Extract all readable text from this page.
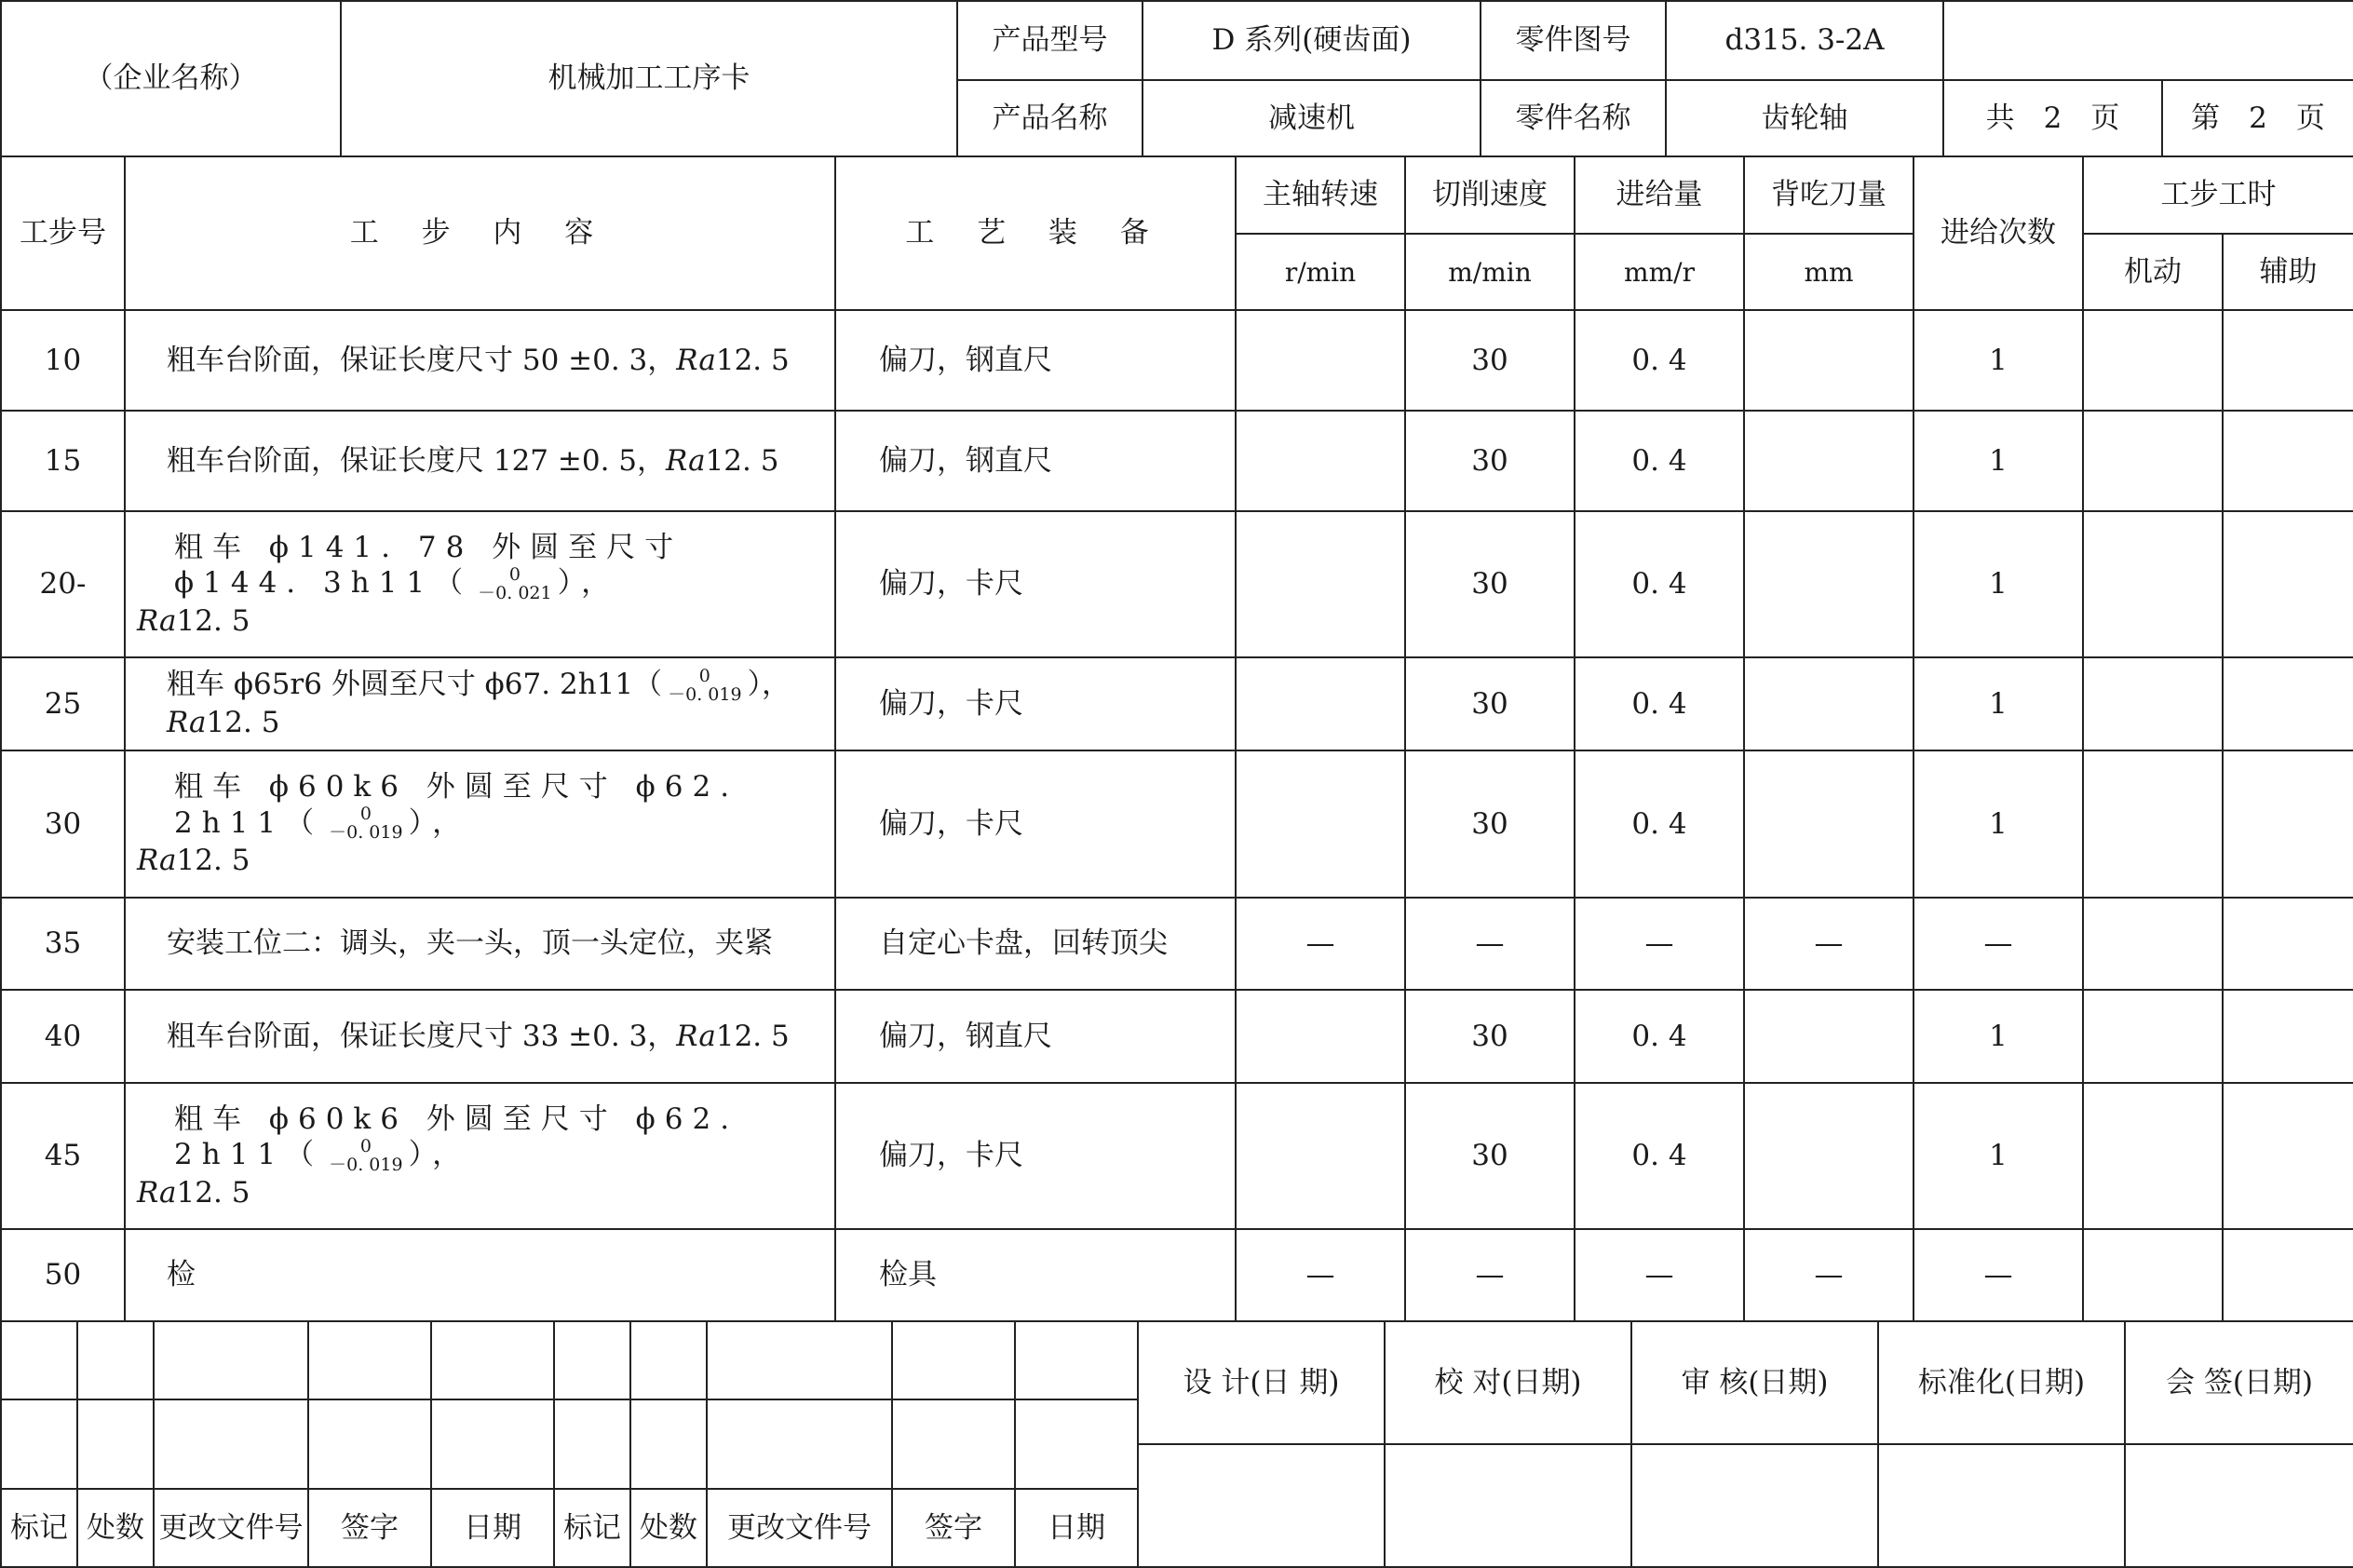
（企业名称）	机械加工工序卡	产品型号	D 系列(硬齿面)	零件图号	d315. 3-2A		
		产品名称	减速机	零件名称	齿轮轴	共　2　页	第　2　页
工步号	工 步 内 容	工 艺 装 备	主轴转速	切削速度	进给量	背吃刀量	进给次数	工步工时	
			r/min	m/min	mm/r	mm		机动	辅助
10	粗车台阶面，保证长度尺寸 50 ±0. 3，Ra12. 5	偏刀，钢直尺		30	0. 4		1		
15	粗车台阶面，保证长度尺 127 ±0. 5，Ra12. 5	偏刀，钢直尺		30	0. 4		1		
20-	粗车 ϕ141. 78 外圆至尺寸 ϕ144. 3h11（ 0
－0. 021 ），
Ra12. 5	偏刀，卡尺		30	0. 4		1		
25	粗车 ϕ65r6 外圆至尺寸 ϕ67. 2h11（ 0
－0. 019 ），Ra12. 5	偏刀，卡尺		30	0. 4		1		
30	粗车 ϕ60k6 外圆至尺寸 ϕ62. 2h11（ 0
－0. 019 ），
Ra12. 5	偏刀，卡尺		30	0. 4		1		
35	安装工位二：调头，夹一头，顶一头定位，夹紧	自定心卡盘，回转顶尖	—	—	—	—	—		
40	粗车台阶面，保证长度尺寸 33 ±0. 3，Ra12. 5	偏刀，钢直尺		30	0. 4		1		
45	粗车 ϕ60k6 外圆至尺寸 ϕ62. 2h11（ 0
－0. 019 ），
Ra12. 5	偏刀，卡尺		30	0. 4		1		
50	检	检具	—	—	—	—	—		
										设 计(日 期)	校 对(日期)	审 核(日期)	标准化(日期)	会 签(日期)

标记	处数	更改文件号	签字	日期	标记	处数	更改文件号	签字	日期					
